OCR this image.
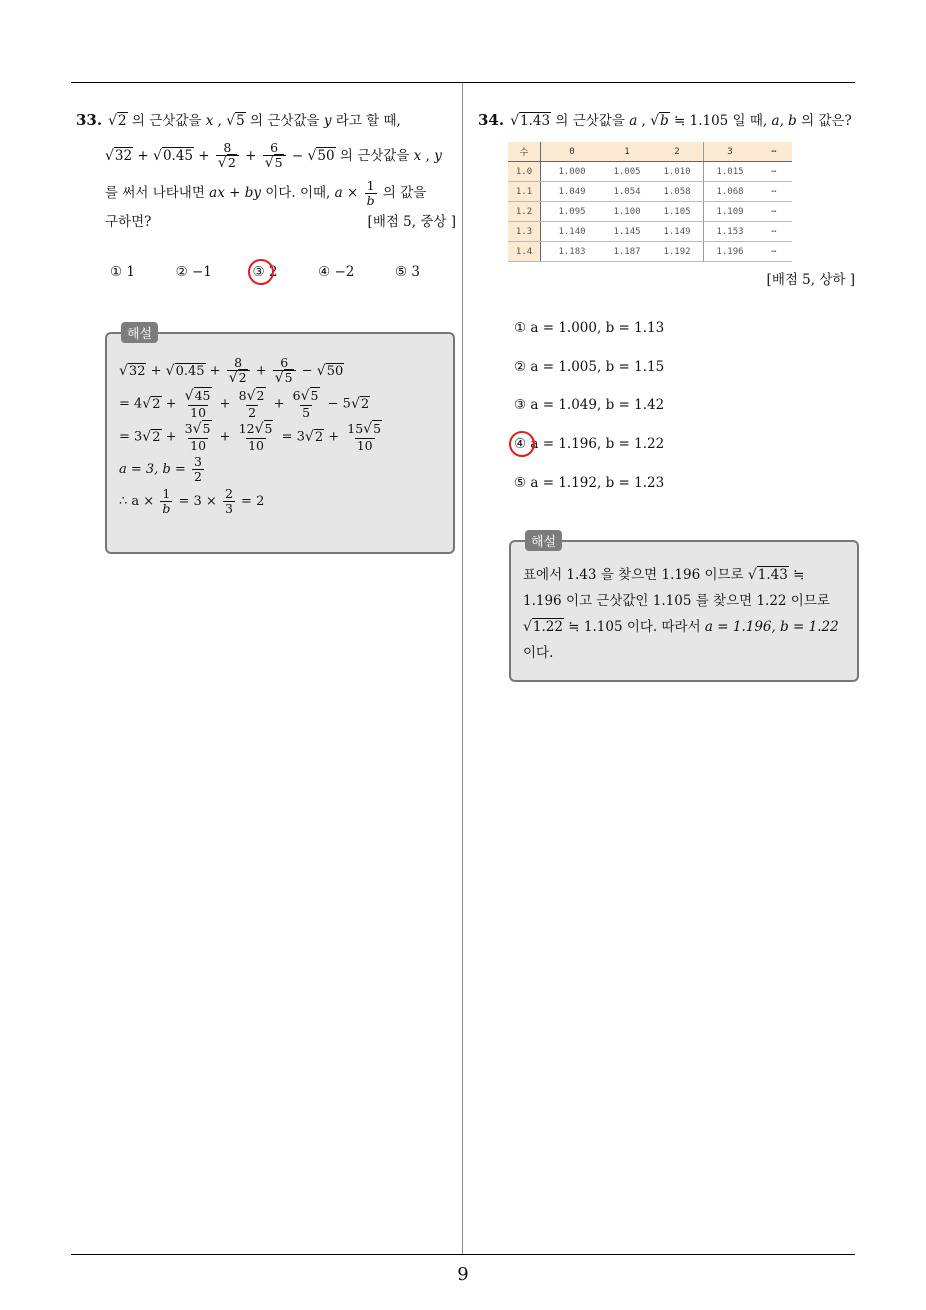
33. √2 의 근삿값을 x , √5 의 근삿값을 y 라고 할 때,
$√32 + √0.45 + \frac{8}{√2} + \frac{6}{√5} - √50$ 의 근삿값을 x , y
를 써서 나타내면 ax + by 이다. 이때, $a \times \frac{1}{b}$ 의 값을
구하면?	[배점 5, 중상 ]
① 1	② −1	③ 2	④ −2	⑤ 3
해설
$√32 + √0.45 + \frac{8}{√2} + \frac{6}{√5} - √50$
= $4√2 + \frac{√45}{10} + \frac{8√2}{2} + \frac{6√5}{5} - 5√2$
= $3√2 + \frac{3√5}{10} + \frac{12√5}{10} = 3√2 + \frac{15√5}{10}$
a = 3, $b = \frac{3}{2}$
∴ $a \times \frac{1}{b} = 3 \times \frac{2}{3} = 2$
34. √1.43 의 근삿값을 a , √b ≒ 1.105 일 때, a, b 의 값은?
수	0	1	2	3	⋯
1.0	1.000	1.005	1.010	1.015	⋯
1.1	1.049	1.054	1.058	1.068	⋯
1.2	1.095	1.100	1.105	1.109	⋯
1.3	1.140	1.145	1.149	1.153	⋯
1.4	1.183	1.187	1.192	1.196	⋯
[배점 5, 상하 ]
① a = 1.000, b = 1.13
② a = 1.005, b = 1.15
③ a = 1.049, b = 1.42
④ a = 1.196, b = 1.22
⑤ a = 1.192, b = 1.23
해설
표에서 1.43 을 찾으면 1.196 이므로 √1.43 ≒
1.196 이고 근삿값인 1.105 를 찾으면 1.22 이므로
√1.22 ≒ 1.105 이다. 따라서 a = 1.196, b = 1.22
이다.
9
